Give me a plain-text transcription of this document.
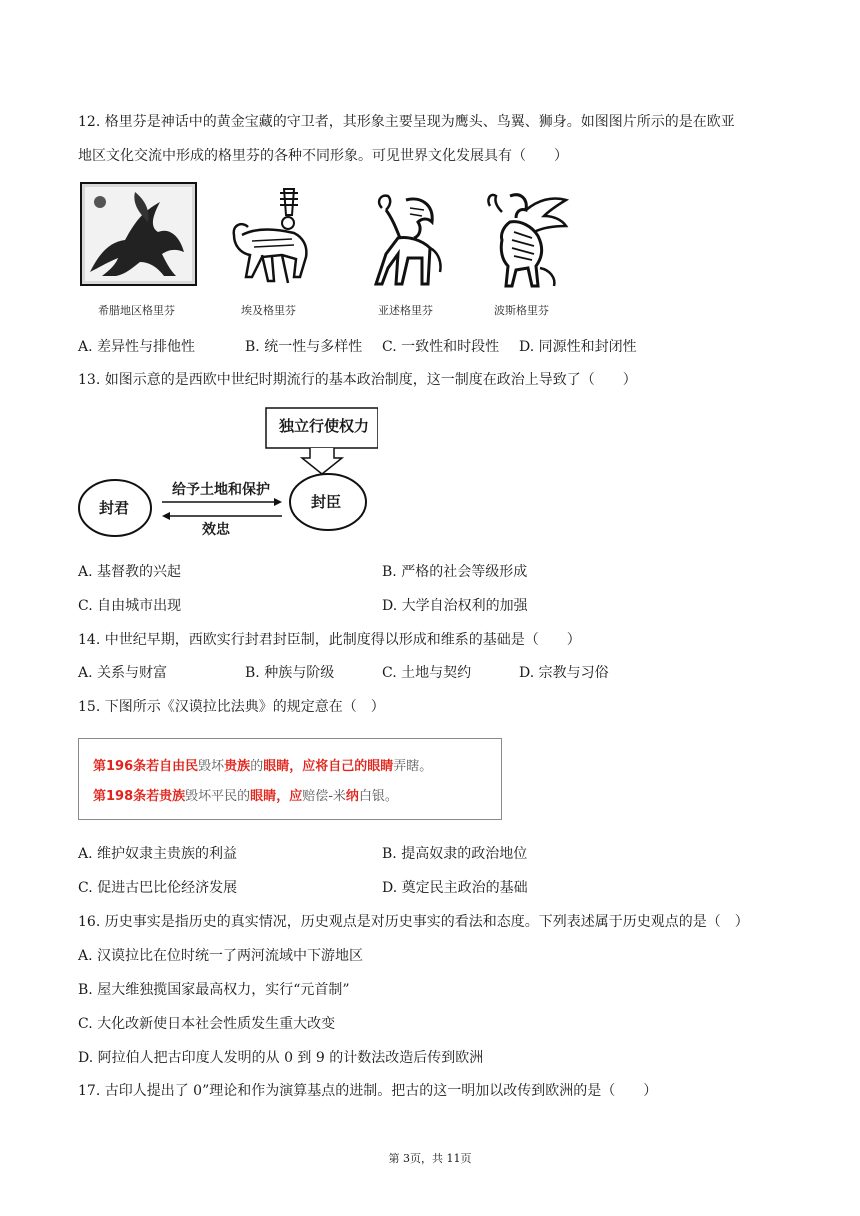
12. 格里芬是神话中的黄金宝藏的守卫者，其形象主要呈现为鹰头、鸟翼、狮身。如图图片所示的是在欧亚
地区文化交流中形成的格里芬的各种不同形象。可见世界文化发展具有（　　）
希腊地区格里芬	埃及格里芬	亚述格里芬	波斯格里芬
A. 差异性与排他性	B. 统一性与多样性 C. 一致性和时段性 D. 同源性和封闭性
13. 如图示意的是西欧中世纪时期流行的基本政治制度，这一制度在政治上导致了（　　）
独立行使权力
封君	封臣
给予土地和保护
效忠
A. 基督教的兴起	B. 严格的社会等级形成
C. 自由城市出现	D. 大学自治权利的加强
14. 中世纪早期，西欧实行封君封臣制，此制度得以形成和维系的基础是（　　）
A. 关系与财富	B. 种族与阶级	C. 土地与契约	D. 宗教与习俗
15. 下图所示《汉谟拉比法典》的规定意在（　）
第196条若自由民毁坏贵族的眼睛，应将自己的眼睛弄瞎。
第198条若贵族毁坏平民的眼睛，应赔偿-米纳白银。
A. 维护奴隶主贵族的利益	B. 提高奴隶的政治地位
C. 促进古巴比伦经济发展	D. 奠定民主政治的基础
16. 历史事实是指历史的真实情况，历史观点是对历史事实的看法和态度。下列表述属于历史观点的是（　）
A. 汉谟拉比在位时统一了两河流域中下游地区
B. 屋大维独揽国家最高权力，实行“元首制”
C. 大化改新使日本社会性质发生重大改变
D. 阿拉伯人把古印度人发明的从 0 到 9 的计数法改造后传到欧洲
17. 古印人提出了 0”理论和作为演算基点的进制。把古的这一明加以改传到欧洲的是（　　）
第 3页，共 11页
